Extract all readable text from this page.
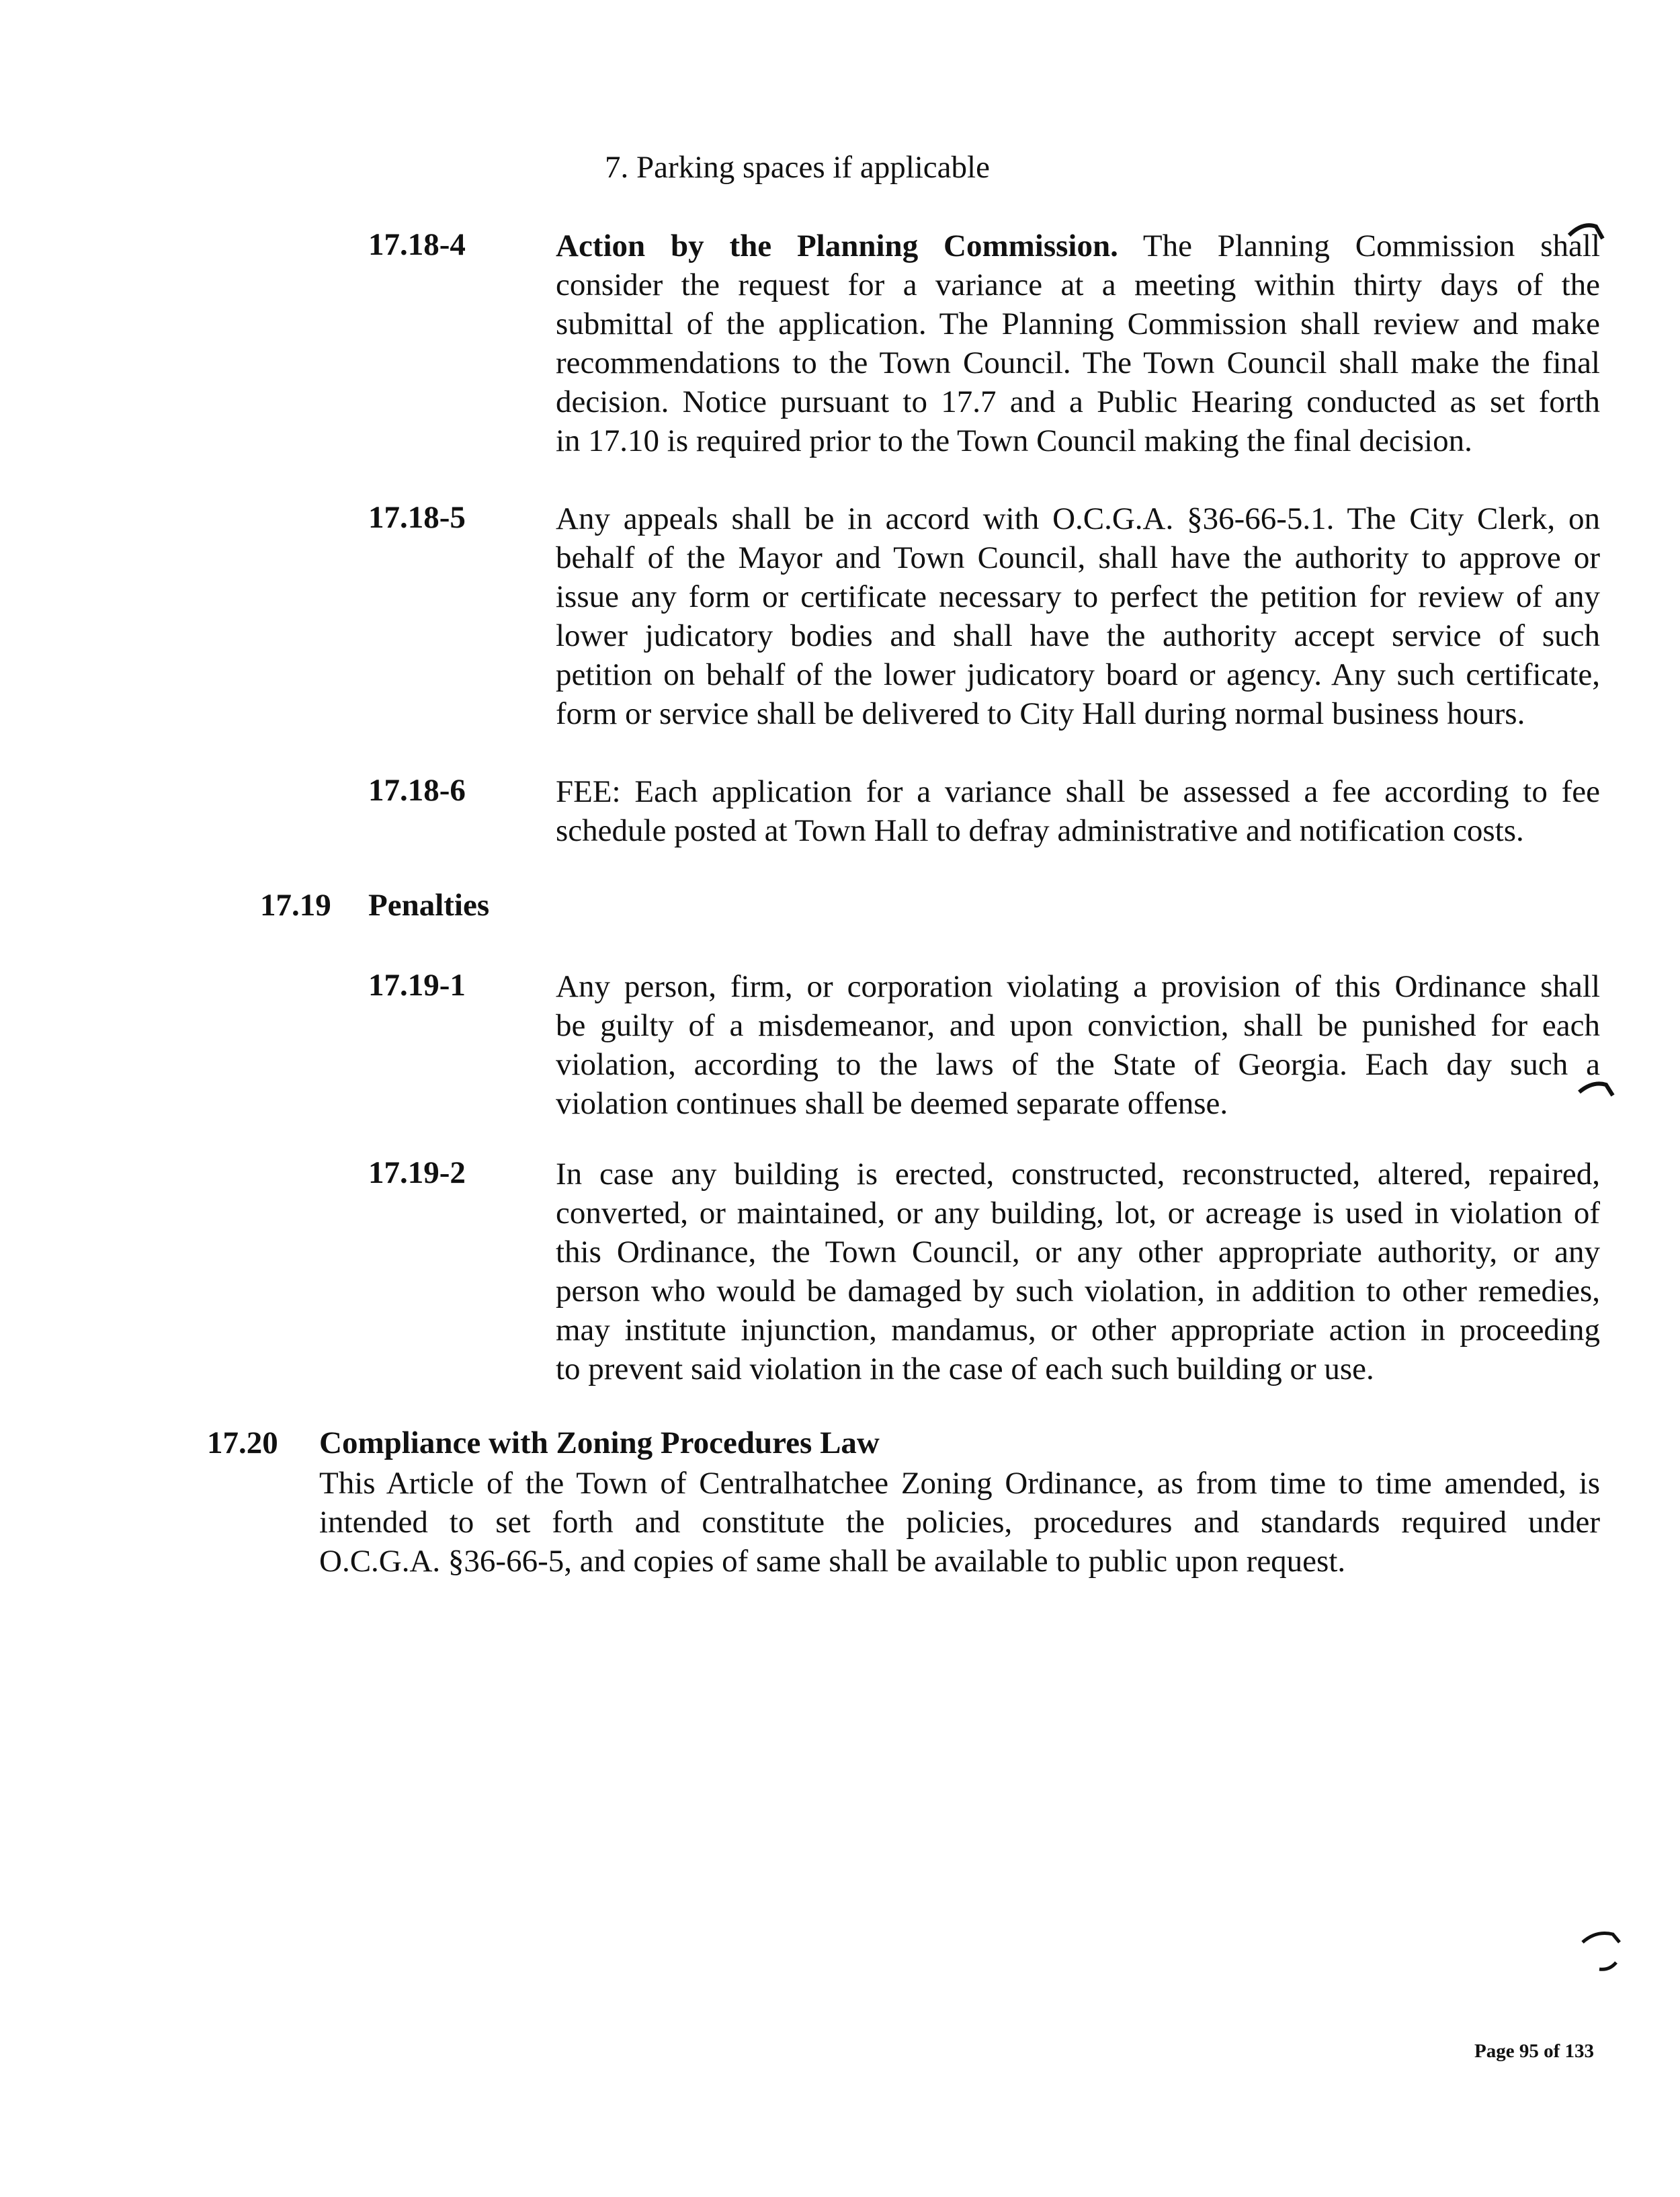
7. Parking spaces if applicable
17.18-4	Action by the Planning Commission. The Planning Commission shall
consider the request for a variance at a meeting within thirty days of the
submittal of the application. The Planning Commission shall review and make
recommendations to the Town Council. The Town Council shall make the final
decision. Notice pursuant to 17.7 and a Public Hearing conducted as set forth
in 17.10 is required prior to the Town Council making the final decision.
17.18-5	Any appeals shall be in accord with O.C.G.A. §36-66-5.1. The City Clerk, on
behalf of the Mayor and Town Council, shall have the authority to approve or
issue any form or certificate necessary to perfect the petition for review of any
lower judicatory bodies and shall have the authority accept service of such
petition on behalf of the lower judicatory board or agency. Any such certificate,
form or service shall be delivered to City Hall during normal business hours.
17.18-6	FEE: Each application for a variance shall be assessed a fee according to fee
schedule posted at Town Hall to defray administrative and notification costs.
17.19 Penalties
17.19-1	Any person, firm, or corporation violating a provision of this Ordinance shall
be guilty of a misdemeanor, and upon conviction, shall be punished for each
violation, according to the laws of the State of Georgia. Each day such a
violation continues shall be deemed separate offense.
17.19-2	In case any building is erected, constructed, reconstructed, altered, repaired,
converted, or maintained, or any building, lot, or acreage is used in violation of
this Ordinance, the Town Council, or any other appropriate authority, or any
person who would be damaged by such violation, in addition to other remedies,
may institute injunction, mandamus, or other appropriate action in proceeding
to prevent said violation in the case of each such building or use.
17.20 Compliance with Zoning Procedures Law
This Article of the Town of Centralhatchee Zoning Ordinance, as from time to time amended, is
intended to set forth and constitute the policies, procedures and standards required under
O.C.G.A. §36-66-5, and copies of same shall be available to public upon request.
Page 95 of 133
